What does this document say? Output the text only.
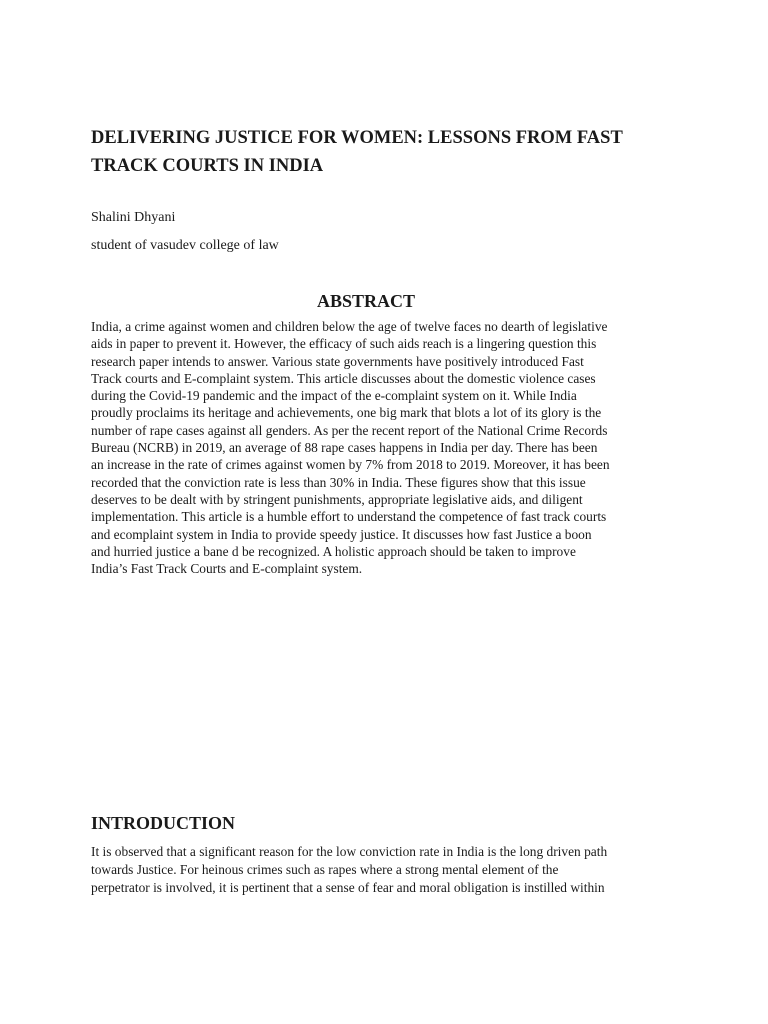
DELIVERING JUSTICE FOR WOMEN: LESSONS FROM FAST TRACK COURTS IN INDIA

Shalini Dhyani

student of vasudev college of law

ABSTRACT

India, a crime against women and children below the age of twelve faces no dearth of legislative
aids in paper to prevent it. However, the efficacy of such aids reach is a lingering question this
research paper intends to answer. Various state governments have positively introduced Fast
Track courts and E-complaint system. This article discusses about the domestic violence cases
during the Covid-19 pandemic and the impact of the e-complaint system on it. While India
proudly proclaims its heritage and achievements, one big mark that blots a lot of its glory is the
number of rape cases against all genders. As per the recent report of the National Crime Records
Bureau (NCRB) in 2019, an average of 88 rape cases happens in India per day. There has been
an increase in the rate of crimes against women by 7% from 2018 to 2019. Moreover, it has been
recorded that the conviction rate is less than 30% in India. These figures show that this issue
deserves to be dealt with by stringent punishments, appropriate legislative aids, and diligent
implementation. This article is a humble effort to understand the competence of fast track courts
and ecomplaint system in India to provide speedy justice. It discusses how fast Justice a boon
and hurried justice a bane d be recognized. A holistic approach should be taken to improve
India’s Fast Track Courts and E-complaint system.

INTRODUCTION

It is observed that a significant reason for the low conviction rate in India is the long driven path
towards Justice. For heinous crimes such as rapes where a strong mental element of the
perpetrator is involved, it is pertinent that a sense of fear and moral obligation is instilled within
